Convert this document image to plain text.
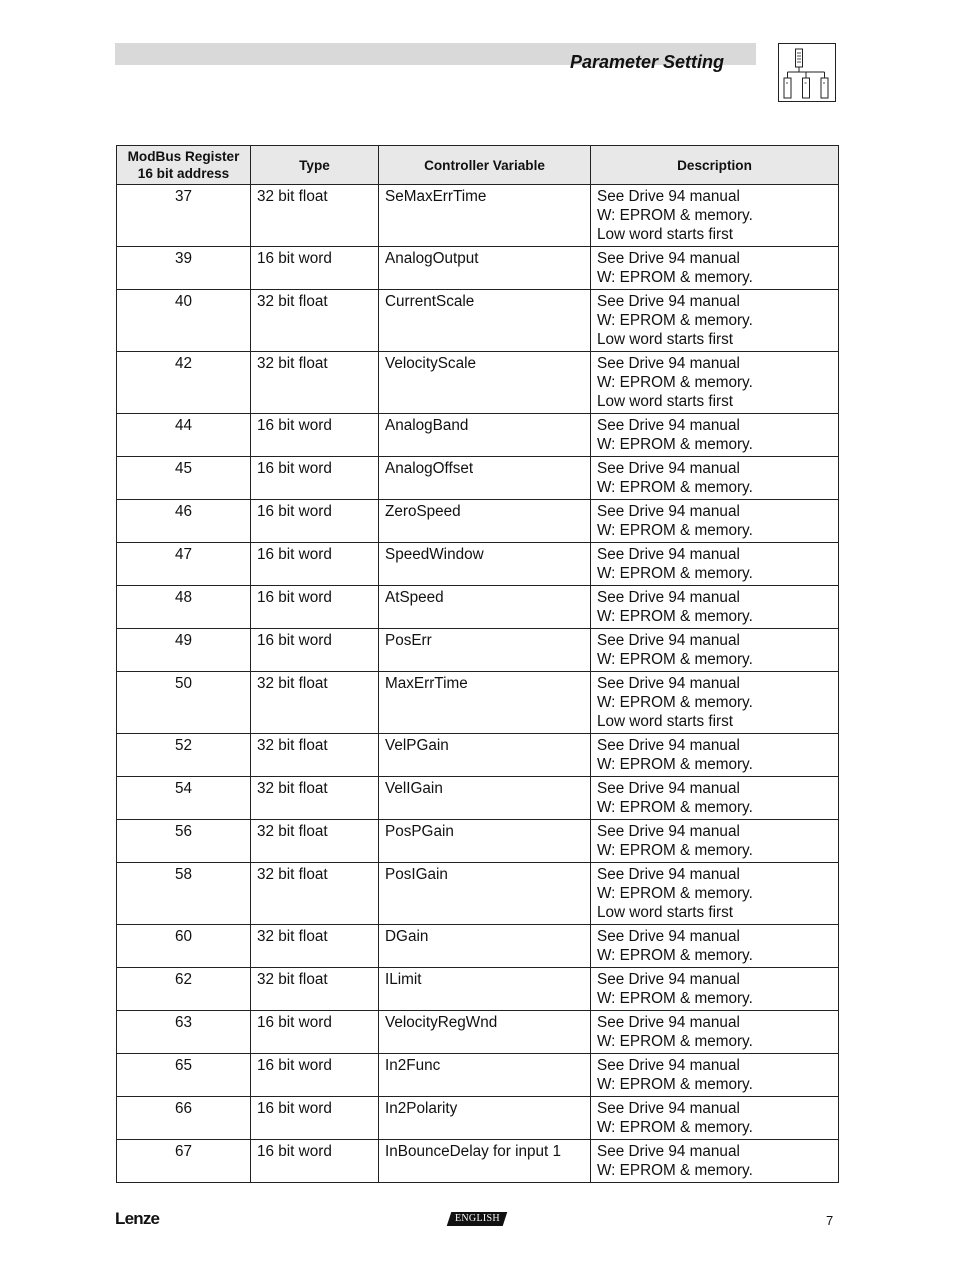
Parameter Setting
ModBus Register
16 bit address	Type	Controller Variable	Description
37	32 bit float	SeMaxErrTime	See Drive 94 manual
W: EPROM & memory.
Low word starts first

39	16 bit word	AnalogOutput	See Drive 94 manual
W: EPROM & memory.

40	32 bit float	CurrentScale	See Drive 94 manual
W: EPROM & memory.
Low word starts first

42	32 bit float	VelocityScale	See Drive 94 manual
W: EPROM & memory.
Low word starts first

44	16 bit word	AnalogBand	See Drive 94 manual
W: EPROM & memory.

45	16 bit word	AnalogOffset	See Drive 94 manual
W: EPROM & memory.

46	16 bit word	ZeroSpeed	See Drive 94 manual
W: EPROM & memory.

47	16 bit word	SpeedWindow	See Drive 94 manual
W: EPROM & memory.

48	16 bit word	AtSpeed	See Drive 94 manual
W: EPROM & memory.

49	16 bit word	PosErr	See Drive 94 manual
W: EPROM & memory.

50	32 bit float	MaxErrTime	See Drive 94 manual
W: EPROM & memory.
Low word starts first

52	32 bit float	VelPGain	See Drive 94 manual
W: EPROM & memory.

54	32 bit float	VelIGain	See Drive 94 manual
W: EPROM & memory.

56	32 bit float	PosPGain	See Drive 94 manual
W: EPROM & memory.

58	32 bit float	PosIGain	See Drive 94 manual
W: EPROM & memory.
Low word starts first

60	32 bit float	DGain	See Drive 94 manual
W: EPROM & memory.

62	32 bit float	ILimit	See Drive 94 manual
W: EPROM & memory.

63	16 bit word	VelocityRegWnd	See Drive 94 manual
W: EPROM & memory.

65	16 bit word	In2Func	See Drive 94 manual
W: EPROM & memory.

66	16 bit word	In2Polarity	See Drive 94 manual
W: EPROM & memory.

67	16 bit word	InBounceDelay for input 1	See Drive 94 manual
W: EPROM & memory.
Lenze	ENGLISH	7
